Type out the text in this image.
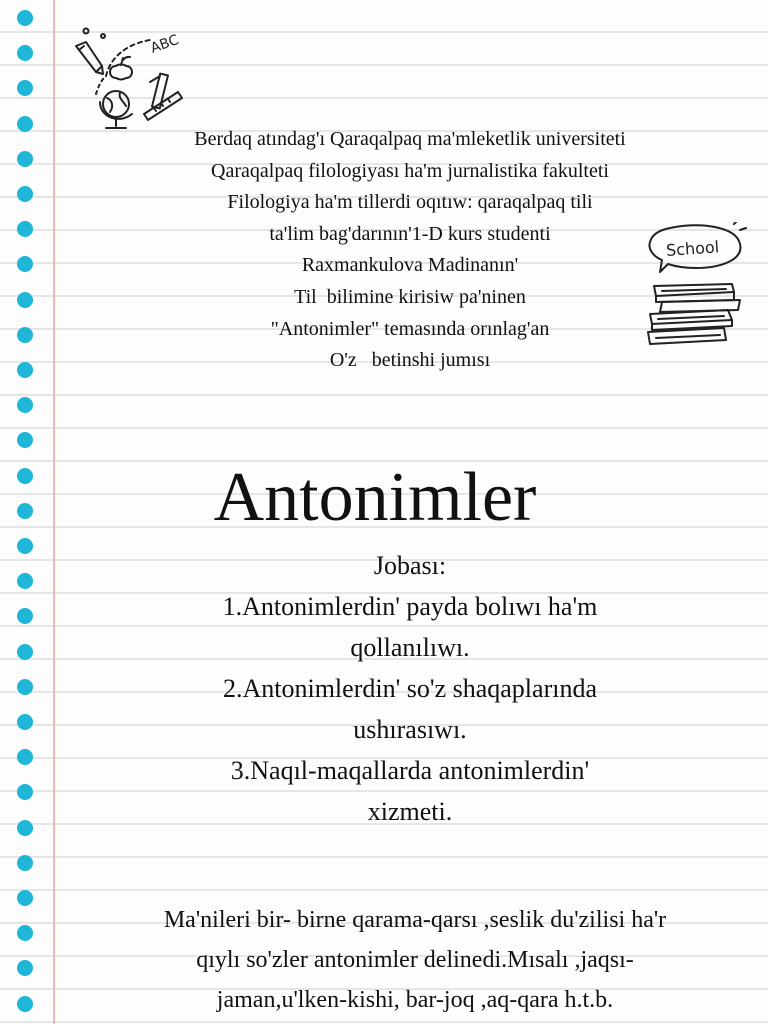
ABC
School
Berdaq atındag'ı Qaraqalpaq ma'mleketlik universiteti
Qaraqalpaq filologiyası ha'm jurnalistika fakulteti
Filologiya ha'm tillerdi oqıtıw: qaraqalpaq tili
ta'lim bag'darının'1-D kurs studenti
Raxmankulova Madinanın'
Til  bilimine kirisiw pa'ninen
"Antonimler" temasında orınlag'an
O'z   betinshi jumısı
Antonimler
Jobası:
1.Antonimlerdin' payda bolıwı ha'm
qollanılıwı.
2.Antonimlerdin' so'z shaqaplarında
ushırasıwı.
3.Naqıl-maqallarda antonimlerdin'
xizmeti.
Ma'nileri bir- birne qarama-qarsı ,seslik du'zilisi ha'r
qıylı so'zler antonimler delinedi.Mısalı ,jaqsı-
jaman,u'lken-kishi, bar-joq ,aq-qara h.t.b.
